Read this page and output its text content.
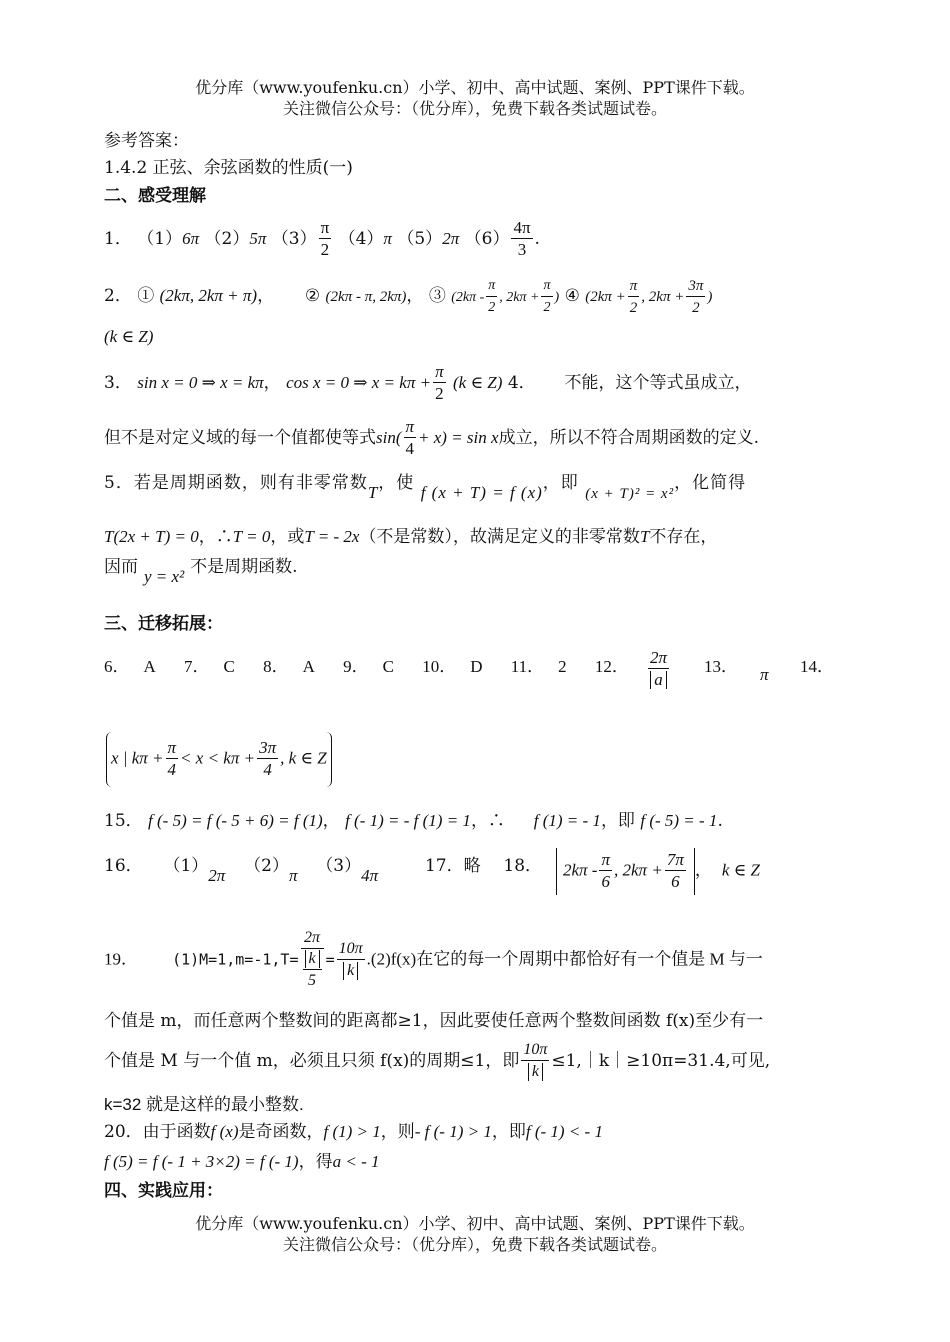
优分库（www.youfenku.cn）小学、初中、高中试题、案例、PPT课件下载。
关注微信公众号：（优分库），免费下载各类试题试卷。
参考答案：
1.4.2 正弦、余弦函数的性质(一)
二、感受理解
1． （1）6π （2）5π $(3) \frac{\pi}{2} (4)\pi$ （5）2π $(6) \frac{4\pi}{3}$ .
2． ① (2kπ, 2kπ + π)， ② (2kπ - π, 2kπ)， ③ ($2k\pi - \frac{\pi}{2}$ , $2k\pi + \frac{\pi}{2}$ ) ④ ($2k\pi + \frac{\pi}{2}$ , $2k\pi + \frac{3\pi}{2}$ )
(k ∈ Z)
3． sin x = 0 ⇒ x = kπ， cos x = 0 ⇒ $x = k\pi + \frac{\pi}{2} (k$ ∈ Z) 4． 不能，这个等式虽成立，
但不是对定义域的每一个值都使等式$\sin( \frac{\pi}{4} + x) = \sin x$成立，所以不符合周期函数的定义.
5．若是周期函数，则有非零常数T，使 f (x + T) = f (x)，即 (x + T)² = x²，化简得
T(2x + T) = 0，∴T = 0，或T = - 2x（不是常数），故满足定义的非零常数T不存在，
因而 y = x² 不是周期函数.
三、迁移拓展：
6． A 7． C 8． A 9． C 10． D 11． 2 12．	$\frac{2\pi}{a} 13$． π 14．
x | $k\pi + \frac{\pi}{4} < x < k\pi + \frac{3\pi}{4}$ , k ∈ Z
15． f (- 5) = f (- 5 + 6) = f (1)， f (- 1) = - f (1) = 1，∴ f (1) = - 1，即 f (- 5) = - 1.
16． （1）2π （2）π （3）4π	17．略 18．	$2k\pi - \frac{\pi}{6}$ , $2k\pi + \frac{7\pi}{6}$ ， k ∈ Z
19． $(1)M=1,m=-1,T= \frac{2\pi}{\frac{k}{5}} = \frac{10\pi}{k} .(2)f(x)$在它的每一个周期中都恰好有一个值是 M 与一
个值是 m，而任意两个整数间的距离都≥1，因此要使任意两个整数间函数 f(x)至少有一
个值是 M 与一个值 m，必须且只须 f(x)的周期≤1，即 $\frac{10\pi}{k}$ ≤1,｜k｜≥10π=31.4,可见,
k=32 就是这样的最小整数.
20．由于函数f (x)是奇函数，f (1) > 1，则- f (- 1) > 1，即f (- 1) < - 1
f (5) = f (- 1 + 3×2) = f (- 1)，得a < - 1
四、实践应用：
优分库（www.youfenku.cn）小学、初中、高中试题、案例、PPT课件下载。
关注微信公众号：（优分库），免费下载各类试题试卷。
